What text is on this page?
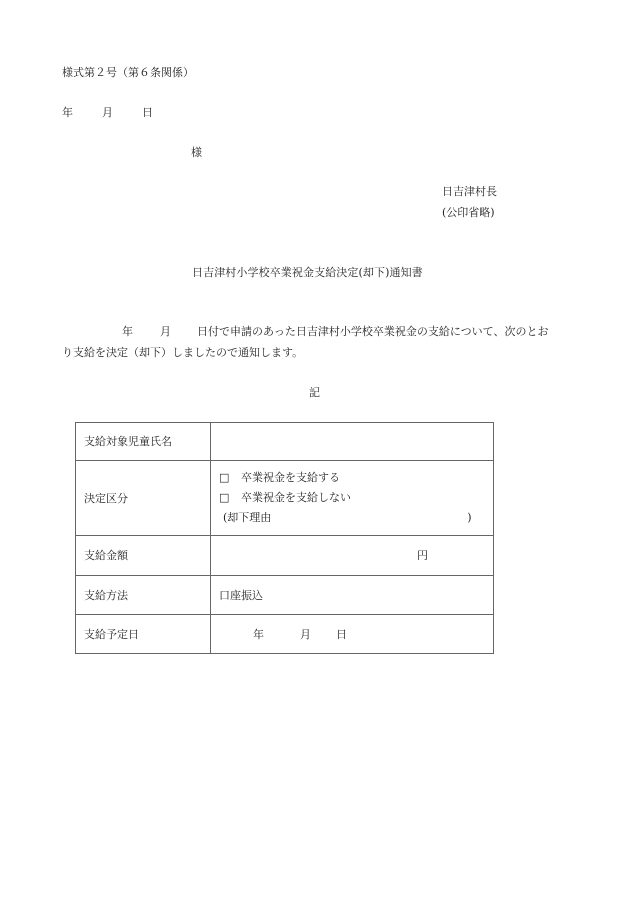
様式第２号（第６条関係）
年	月	日
様
日吉津村長
(公印省略)
日吉津村小学校卒業祝金支給決定(却下)通知書
年 月 日付で申請のあった日吉津村小学校卒業祝金の支給について、次のとお
り支給を決定（却下）しましたので通知します。
記
支給対象児童氏名	
決定区分	□ 卒業祝金を支給する
□ 卒業祝金を支給しない
(却下理由 )

支給金額	円

支給方法	口座振込
支給予定日	年 月 日
